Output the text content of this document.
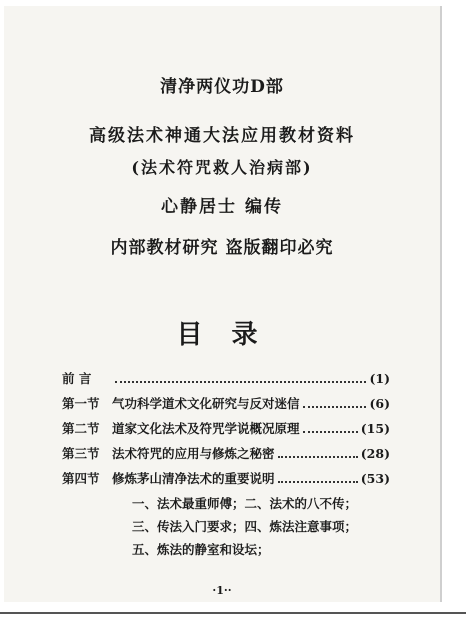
清净两仪功D部
高级法术神通大法应用教材资料
(法术符咒救人治病部)
心静居士 编传
内部教材研究 盗版翻印必究
目 录
前 言	(1)
第一节 气功科学道术文化研究与反对迷信	(6)
第二节 道家文化法术及符咒学说概况原理	(15)
第三节 法术符咒的应用与修炼之秘密	(28)
第四节 修炼茅山清净法术的重要说明	(53)
一、法术最重师傅；二、法术的八不传；
三、传法入门要求；四、炼法注意事项；
五、炼法的静室和设坛；
·1··
